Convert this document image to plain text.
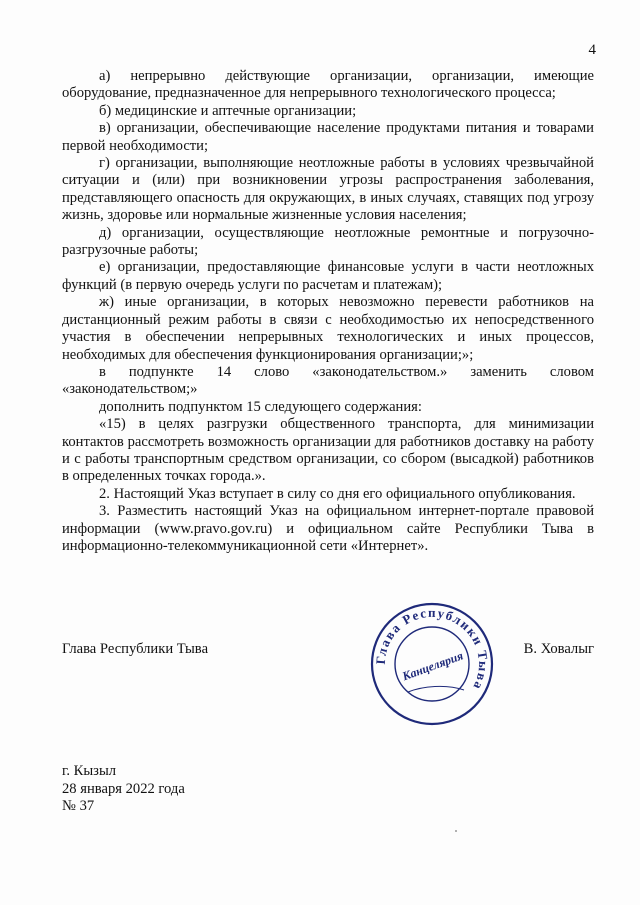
4

а) непрерывно действующие организации, организации, имеющие оборудование, предназначенное для непрерывного технологического процесса;

б) медицинские и аптечные организации;

в) организации, обеспечивающие население продуктами питания и товарами первой необходимости;

г) организации, выполняющие неотложные работы в условиях чрезвычайной ситуации и (или) при возникновении угрозы распространения заболевания, представляющего опасность для окружающих, в иных случаях, ставящих под угрозу жизнь, здоровье или нормальные жизненные условия населения;

д) организации, осуществляющие неотложные ремонтные и погрузочно-разгрузочные работы;

е) организации, предоставляющие финансовые услуги в части неотложных функций (в первую очередь услуги по расчетам и платежам);

ж) иные организации, в которых невозможно перевести работников на дистанционный режим работы в связи с необходимостью их непосредственного участия в обеспечении непрерывных технологических и иных процессов, необходимых для обеспечения функционирования организации;»;

в подпункте 14 слово «законодательством.» заменить словом «законодательством;»

дополнить подпунктом 15 следующего содержания:

«15) в целях разгрузки общественного транспорта, для минимизации контактов рассмотреть возможность организации для работников доставку на работу и с работы транспортным средством организации, со сбором (высадкой) работников в определенных точках города.».

2. Настоящий Указ вступает в силу со дня его официального опубликования.

3. Разместить настоящий Указ на официальном интернет-портале правовой информации (www.pravo.gov.ru) и официальном сайте Республики Тыва в информационно-телекоммуникационной сети «Интернет».

Глава Республики Тывa	В. Ховалыг
Глава Республики Тыва
Канцелярия
г. Кызыл
28 января 2022 года
№ 37
